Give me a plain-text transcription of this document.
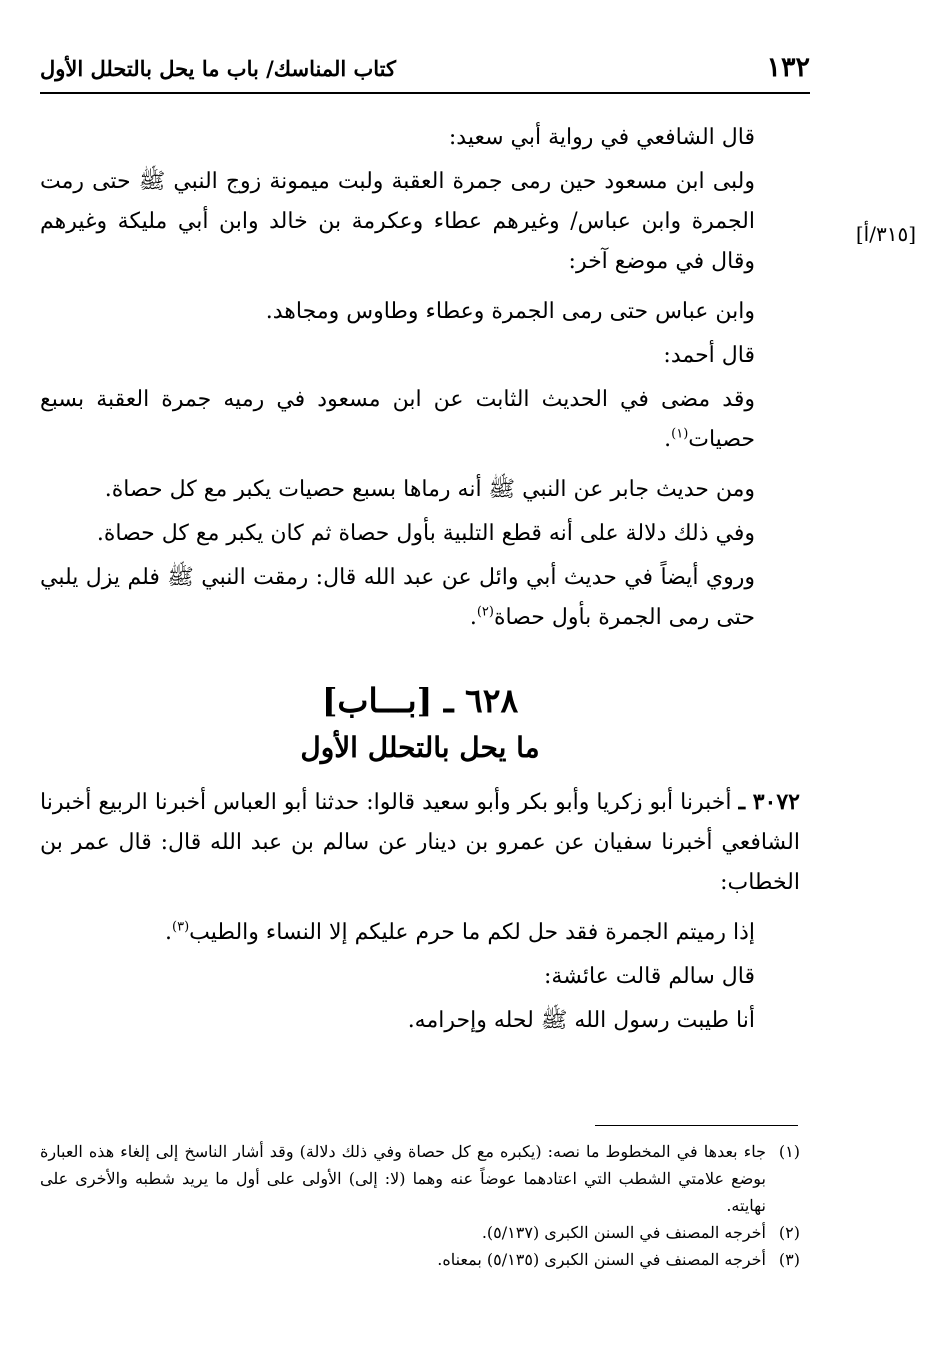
١٣٢
كتاب المناسك/ باب ما يحل بالتحلل الأول
[٣١٥/أ]

قال الشافعي في رواية أبي سعيد:

ولبى ابن مسعود حين رمى جمرة العقبة ولبت ميمونة زوج النبي ﷺ حتى رمت الجمرة وابن عباس/ وغيرهم عطاء وعكرمة بن خالد وابن أبي مليكة وغيرهم وقال في موضع آخر:

وابن عباس حتى رمى الجمرة وعطاء وطاوس ومجاهد.

قال أحمد:

وقد مضى في الحديث الثابت عن ابن مسعود في رميه جمرة العقبة بسبع حصيات$^{(١)}$.

ومن حديث جابر عن النبي ﷺ أنه رماها بسبع حصيات يكبر مع كل حصاة.

وفي ذلك دلالة على أنه قطع التلبية بأول حصاة ثم كان يكبر مع كل حصاة.

وروي أيضاً في حديث أبي وائل عن عبد الله قال: رمقت النبي ﷺ فلم يزل يلبي حتى رمى الجمرة بأول حصاة$^{(٢)}$.

٦٢٨ ـ [بـــاب]
ما يحل بالتحلل الأول

٣٠٧٢ ـ أخبرنا أبو زكريا وأبو بكر وأبو سعيد قالوا: حدثنا أبو العباس أخبرنا الربيع أخبرنا الشافعي أخبرنا سفيان عن عمرو بن دينار عن سالم بن عبد الله قال: قال عمر بن الخطاب:

إذا رميتم الجمرة فقد حل لكم ما حرم عليكم إلا النساء والطيب$^{(٣)}$.

قال سالم قالت عائشة:

أنا طيبت رسول الله ﷺ لحله وإحرامه.

(١)
جاء بعدها في المخطوط ما نصه: (يكبره مع كل حصاة وفي ذلك دلالة) وقد أشار الناسخ إلى إلغاء هذه العبارة بوضع علامتي الشطب التي اعتادهما عوضاً عنه وهما (لا: إلى) الأولى على أول ما يريد شطبه والأخرى على نهايته.

(٢)
أخرجه المصنف في السنن الكبرى (٥/١٣٧).

(٣)
أخرجه المصنف في السنن الكبرى (٥/١٣٥) بمعناه.
